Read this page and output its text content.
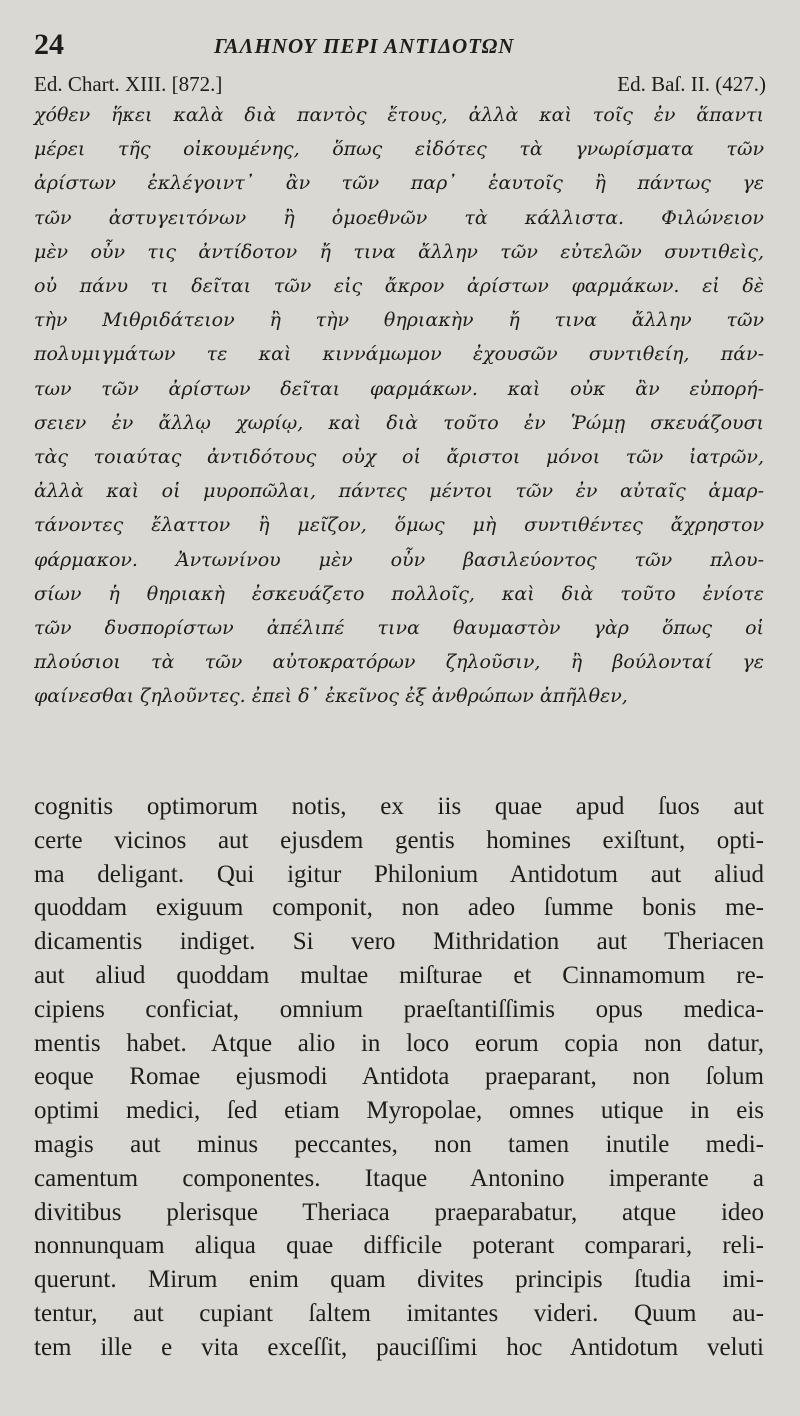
24	ΓΑΛΗΝΟΥ ΠΕΡΙ ΑΝΤΙΔΟΤΩΝ
Ed. Chart. XIII. [872.]	Ed. Baſ. II. (427.)
χόθεν ἥκει καλὰ διὰ παντὸς ἔτους, ἀλλὰ καὶ τοῖς ἐν ἅπαντι
μέρει τῆς οἰκουμένης, ὅπως εἰδότες τὰ γνωρίσματα τῶν
ἀρίστων ἐκλέγοιντ᾽ ἂν τῶν παρ᾽ ἑαυτοῖς ἢ πάντως γε
τῶν ἀστυγειτόνων ἢ ὁμοεθνῶν τὰ κάλλιστα. Φιλώνειον
μὲν οὖν τις ἀντίδοτον ἤ τινα ἄλλην τῶν εὐτελῶν συντιθεὶς,
οὐ πάνυ τι δεῖται τῶν εἰς ἄκρον ἀρίστων φαρμάκων. εἰ δὲ
τὴν Μιθριδάτειον ἢ τὴν θηριακὴν ἤ τινα ἄλλην τῶν
πολυμιγμάτων τε καὶ κιννάμωμον ἐχουσῶν συντιθείη, πάν-
των τῶν ἀρίστων δεῖται φαρμάκων. καὶ οὐκ ἂν εὐπορή-
σειεν ἐν ἄλλῳ χωρίῳ, καὶ διὰ τοῦτο ἐν Ῥώμῃ σκευάζουσι
τὰς τοιαύτας ἀντιδότους οὐχ οἱ ἄριστοι μόνοι τῶν ἰατρῶν,
ἀλλὰ καὶ οἱ μυροπῶλαι, πάντες μέντοι τῶν ἐν αὐταῖς ἁμαρ-
τάνοντες ἔλαττον ἢ μεῖζον, ὅμως μὴ συντιθέντες ἄχρηστον
φάρμακον. Ἀντωνίνου μὲν οὖν βασιλεύοντος τῶν πλου-
σίων ἡ θηριακὴ ἐσκευάζετο πολλοῖς, καὶ διὰ τοῦτο ἐνίοτε
τῶν δυσπορίστων ἀπέλιπέ τινα θαυμαστὸν γὰρ ὅπως οἱ
πλούσιοι τὰ τῶν αὐτοκρατόρων ζηλοῦσιν, ἢ βούλονταί γε
φαίνεσθαι ζηλοῦντες. ἐπεὶ δ᾽ ἐκεῖνος ἐξ ἀνθρώπων ἀπῆλθεν,
cognitis optimorum notis, ex iis quae apud ſuos aut
certe vicinos aut ejusdem gentis homines exiſtunt, opti-
ma deligant. Qui igitur Philonium Antidotum aut aliud
quoddam exiguum componit, non adeo ſumme bonis me-
dicamentis indiget. Si vero Mithridation aut Theriacen
aut aliud quoddam multae miſturae et Cinnamomum re-
cipiens conficiat, omnium praeſtantiſſimis opus medica-
mentis habet. Atque alio in loco eorum copia non datur,
eoque Romae ejusmodi Antidota praeparant, non ſolum
optimi medici, ſed etiam Myropolae, omnes utique in eis
magis aut minus peccantes, non tamen inutile medi-
camentum componentes. Itaque Antonino imperante a
divitibus plerisque Theriaca praeparabatur, atque ideo
nonnunquam aliqua quae difficile poterant comparari, reli-
querunt. Mirum enim quam divites principis ſtudia imi-
tentur, aut cupiant ſaltem imitantes videri. Quum au-
tem ille e vita exceſſit, pauciſſimi hoc Antidotum veluti
